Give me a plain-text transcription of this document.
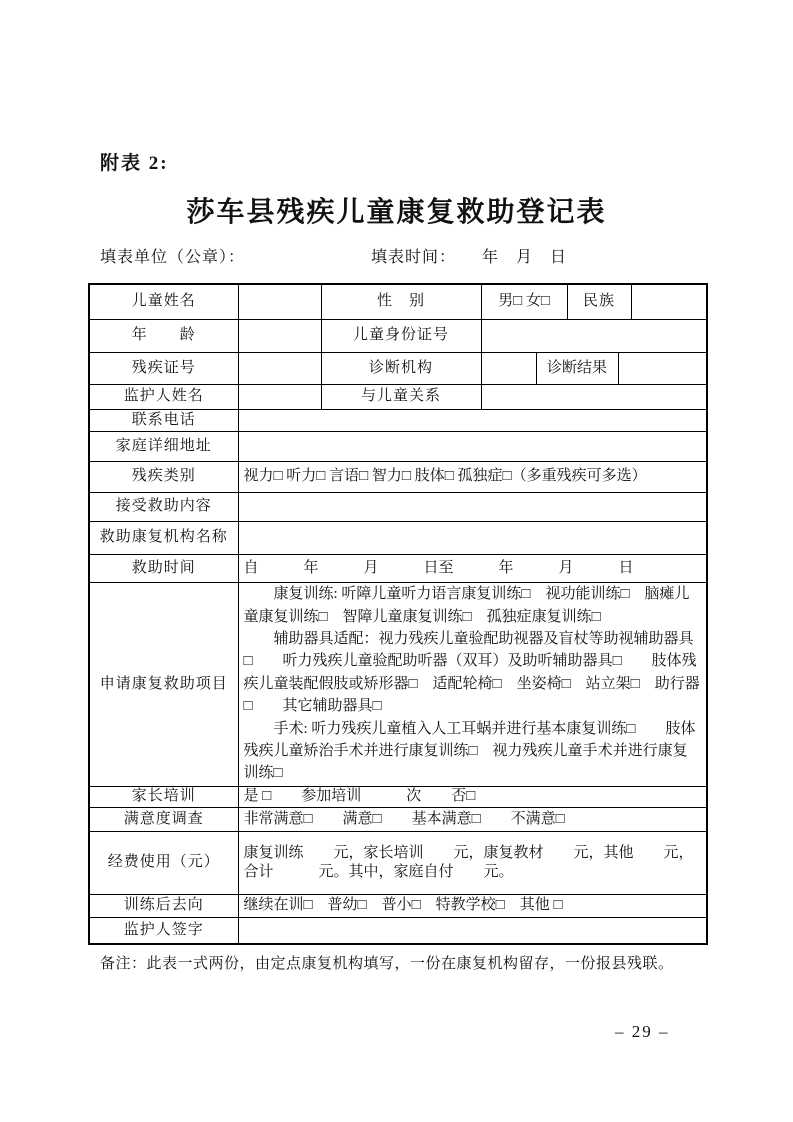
附表 2:
莎车县残疾儿童康复救助登记表
填表单位（公章）：	填表时间：　　年　月　日
儿童姓名		性　别	男□ 女□		民族		
年　　龄		儿童身份证号					
残疾证号		诊断机构		诊断结果			
监护人姓名		与儿童关系					
联系电话							
家庭详细地址							
残疾类别	视力□ 听力□ 言语□ 智力□ 肢体□ 孤独症□（多重残疾可多选）						
接受救助内容							
救助康复机构名称							
救助时间	自　　　年　　　月　　　日至　　　年　　　月　　　日						
申请康复救助项目	康复训练: 听障儿童听力语言康复训练□　视功能训练□　脑瘫儿童康复训练□　智障儿童康复训练□　孤独症康复训练□

辅助器具适配：视力残疾儿童验配助视器及盲杖等助视辅助器具□　　听力残疾儿童验配助听器（双耳）及助听辅助器具□　　肢体残疾儿童装配假肢或矫形器□　适配轮椅□　坐姿椅□　站立架□　助行器□　　其它辅助器具□

手术: 听力残疾儿童植入人工耳蜗并进行基本康复训练□　　肢体残疾儿童矫治手术并进行康复训练□　视力残疾儿童手术并进行康复训练□						

家长培训	是 □　　参加培训　　　次　　否□						
满意度调查	非常满意□　　满意□　　基本满意□　　不满意□						
经费使用（元）	康复训练　　元，家长培训　　元，康复教材　　元，其他　　元，合计　　　元。其中，家庭自付　　元。						
训练后去向	继续在训□　普幼□　普小□　特教学校□　其他 □						
监护人签字							
备注：此表一式两份，由定点康复机构填写，一份在康复机构留存，一份报县残联。
– 29 –
